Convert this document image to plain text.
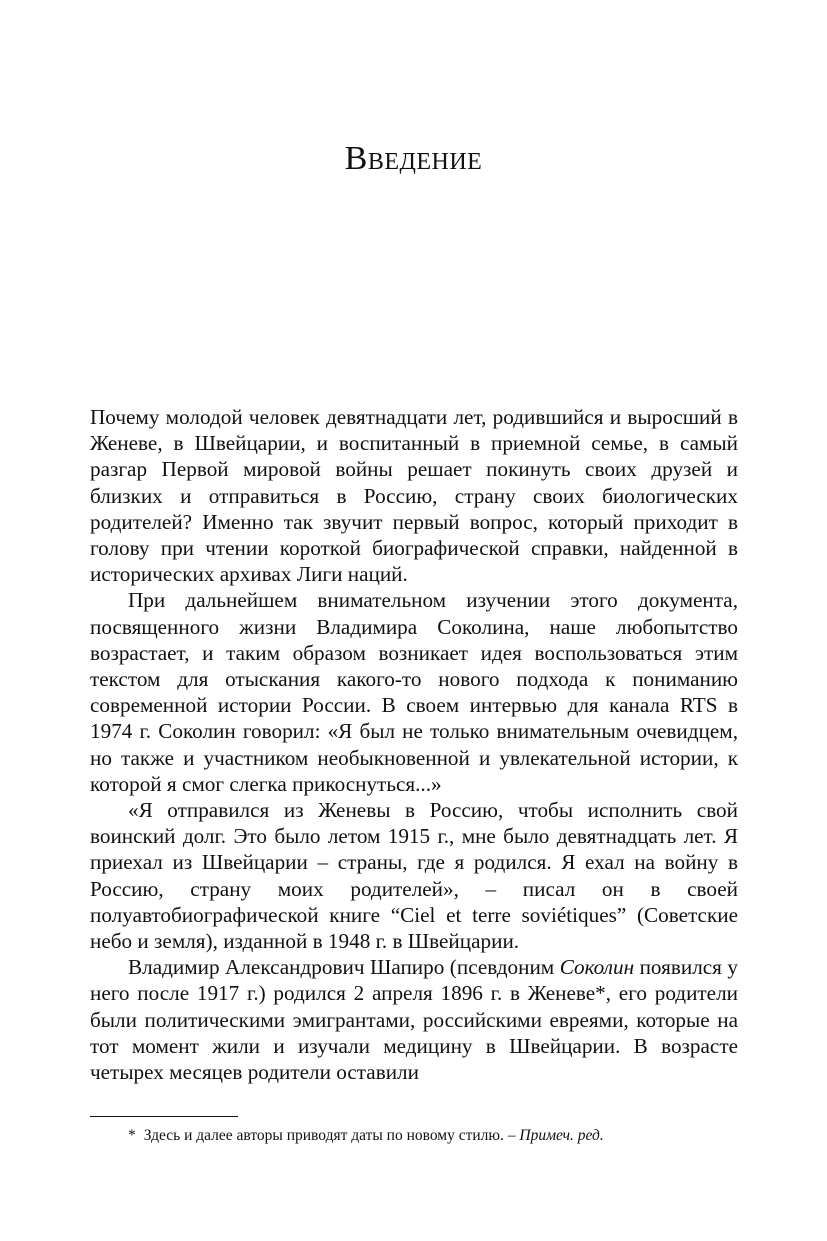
Введение

Почему молодой человек девятнадцати лет, родившийся и выросший в Женеве, в Швейцарии, и воспитанный в приемной семье, в самый разгар Первой мировой войны решает покинуть своих друзей и близких и отправиться в Россию, страну своих биологических родителей? Именно так звучит первый вопрос, который приходит в голову при чтении короткой биографической справки, найденной в исторических архивах Лиги наций.

При дальнейшем внимательном изучении этого документа, посвященного жизни Владимира Соколина, наше любопытство возрастает, и таким образом возникает идея воспользоваться этим текстом для отыскания какого-то нового подхода к пониманию современной истории России. В своем интервью для канала RTS в 1974 г. Соколин говорил: «Я был не только внимательным очевидцем, но также и участником необыкновенной и увлекательной истории, к которой я смог слегка прикоснуться...»

«Я отправился из Женевы в Россию, чтобы исполнить свой воинский долг. Это было летом 1915 г., мне было девятнадцать лет. Я приехал из Швейцарии – страны, где я родился. Я ехал на войну в Россию, страну моих родителей», – писал он в своей полуавтобиографической книге “Ciel et terre soviétiques” (Советские небо и земля), изданной в 1948 г. в Швейцарии.

Владимир Александрович Шапиро (псевдоним Соколин появился у него после 1917 г.) родился 2 апреля 1896 г. в Женеве*, его родители были политическими эмигрантами, российскими евреями, которые на тот момент жили и изучали медицину в Швейцарии. В возрасте четырех месяцев родители оставили

* Здесь и далее авторы приводят даты по новому стилю. – Примеч. ред.
